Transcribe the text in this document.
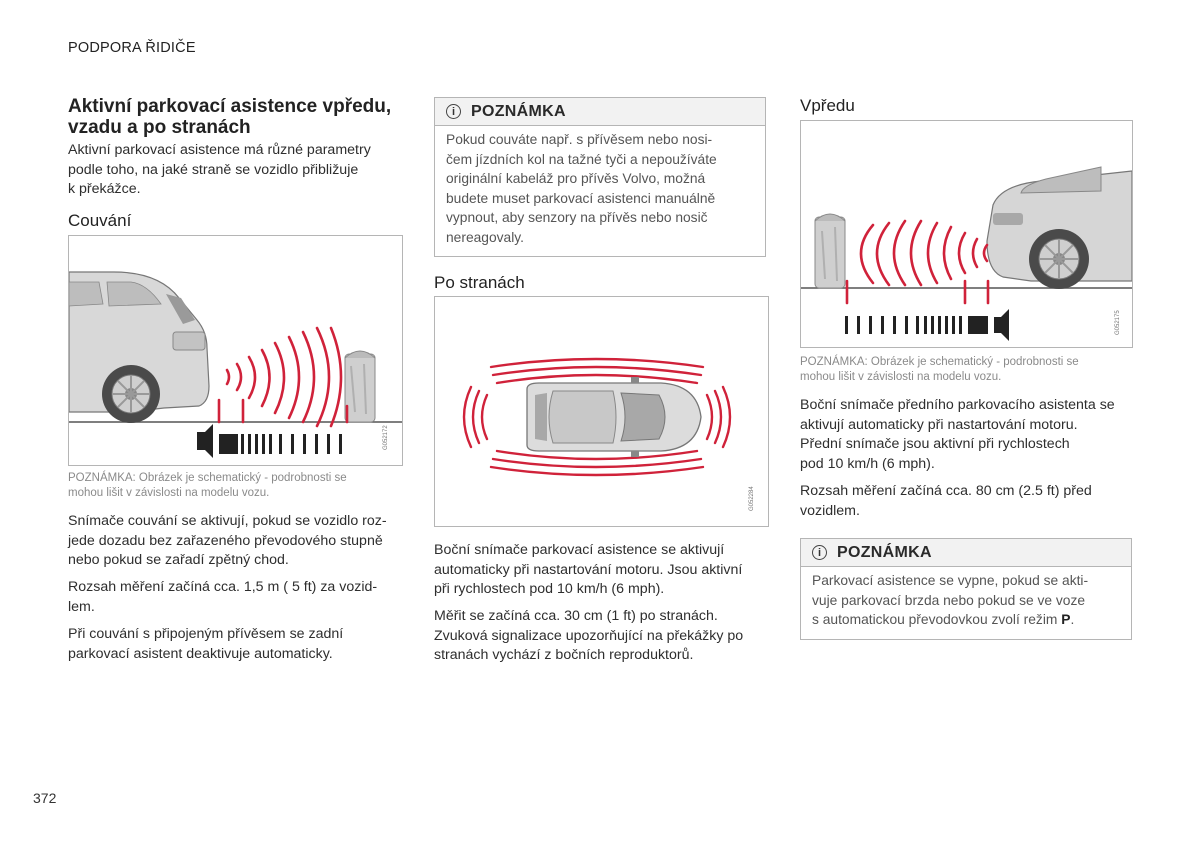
PODPORA ŘIDIČE
Aktivní parkovací asistence vpředu,
vzadu a po stranách
Aktivní parkovací asistence má různé parametry
podle toho, na jaké straně se vozidlo přibližuje
k překážce.
Couvání
G052172
POZNÁMKA: Obrázek je schematický - podrobnosti se
mohou lišit v závislosti na modelu vozu.
Snímače couvání se aktivují, pokud se vozidlo roz-
jede dozadu bez zařazeného převodového stupně
nebo pokud se zařadí zpětný chod.
Rozsah měření začíná cca. 1,5 m ( 5 ft) za vozid-
lem.
Při couvání s připojeným přívěsem se zadní
parkovací asistent deaktivuje automaticky.
i POZNÁMKA
Pokud couváte např. s přívěsem nebo nosi-
čem jízdních kol na tažné tyči a nepoužíváte
originální kabeláž pro přívěs Volvo, možná
budete muset parkovací asistenci manuálně
vypnout, aby senzory na přívěs nebo nosič
nereagovaly.
Po stranách
G052284
Boční snímače parkovací asistence se aktivují
automaticky při nastartování motoru. Jsou aktivní
při rychlostech pod 10 km/h (6 mph).
Měřit se začíná cca. 30 cm (1 ft) po stranách.
Zvuková signalizace upozorňující na překážky po
stranách vychází z bočních reproduktorů.
Vpředu
G052175
POZNÁMKA: Obrázek je schematický - podrobnosti se
mohou lišit v závislosti na modelu vozu.
Boční snímače předního parkovacího asistenta se
aktivují automaticky při nastartování motoru.
Přední snímače jsou aktivní při rychlostech
pod 10 km/h (6 mph).
Rozsah měření začíná cca. 80 cm (2.5 ft) před
vozidlem.
i POZNÁMKA
Parkovací asistence se vypne, pokud se akti-
vuje parkovací brzda nebo pokud se ve voze
s automatickou převodovkou zvolí režim P.
372
